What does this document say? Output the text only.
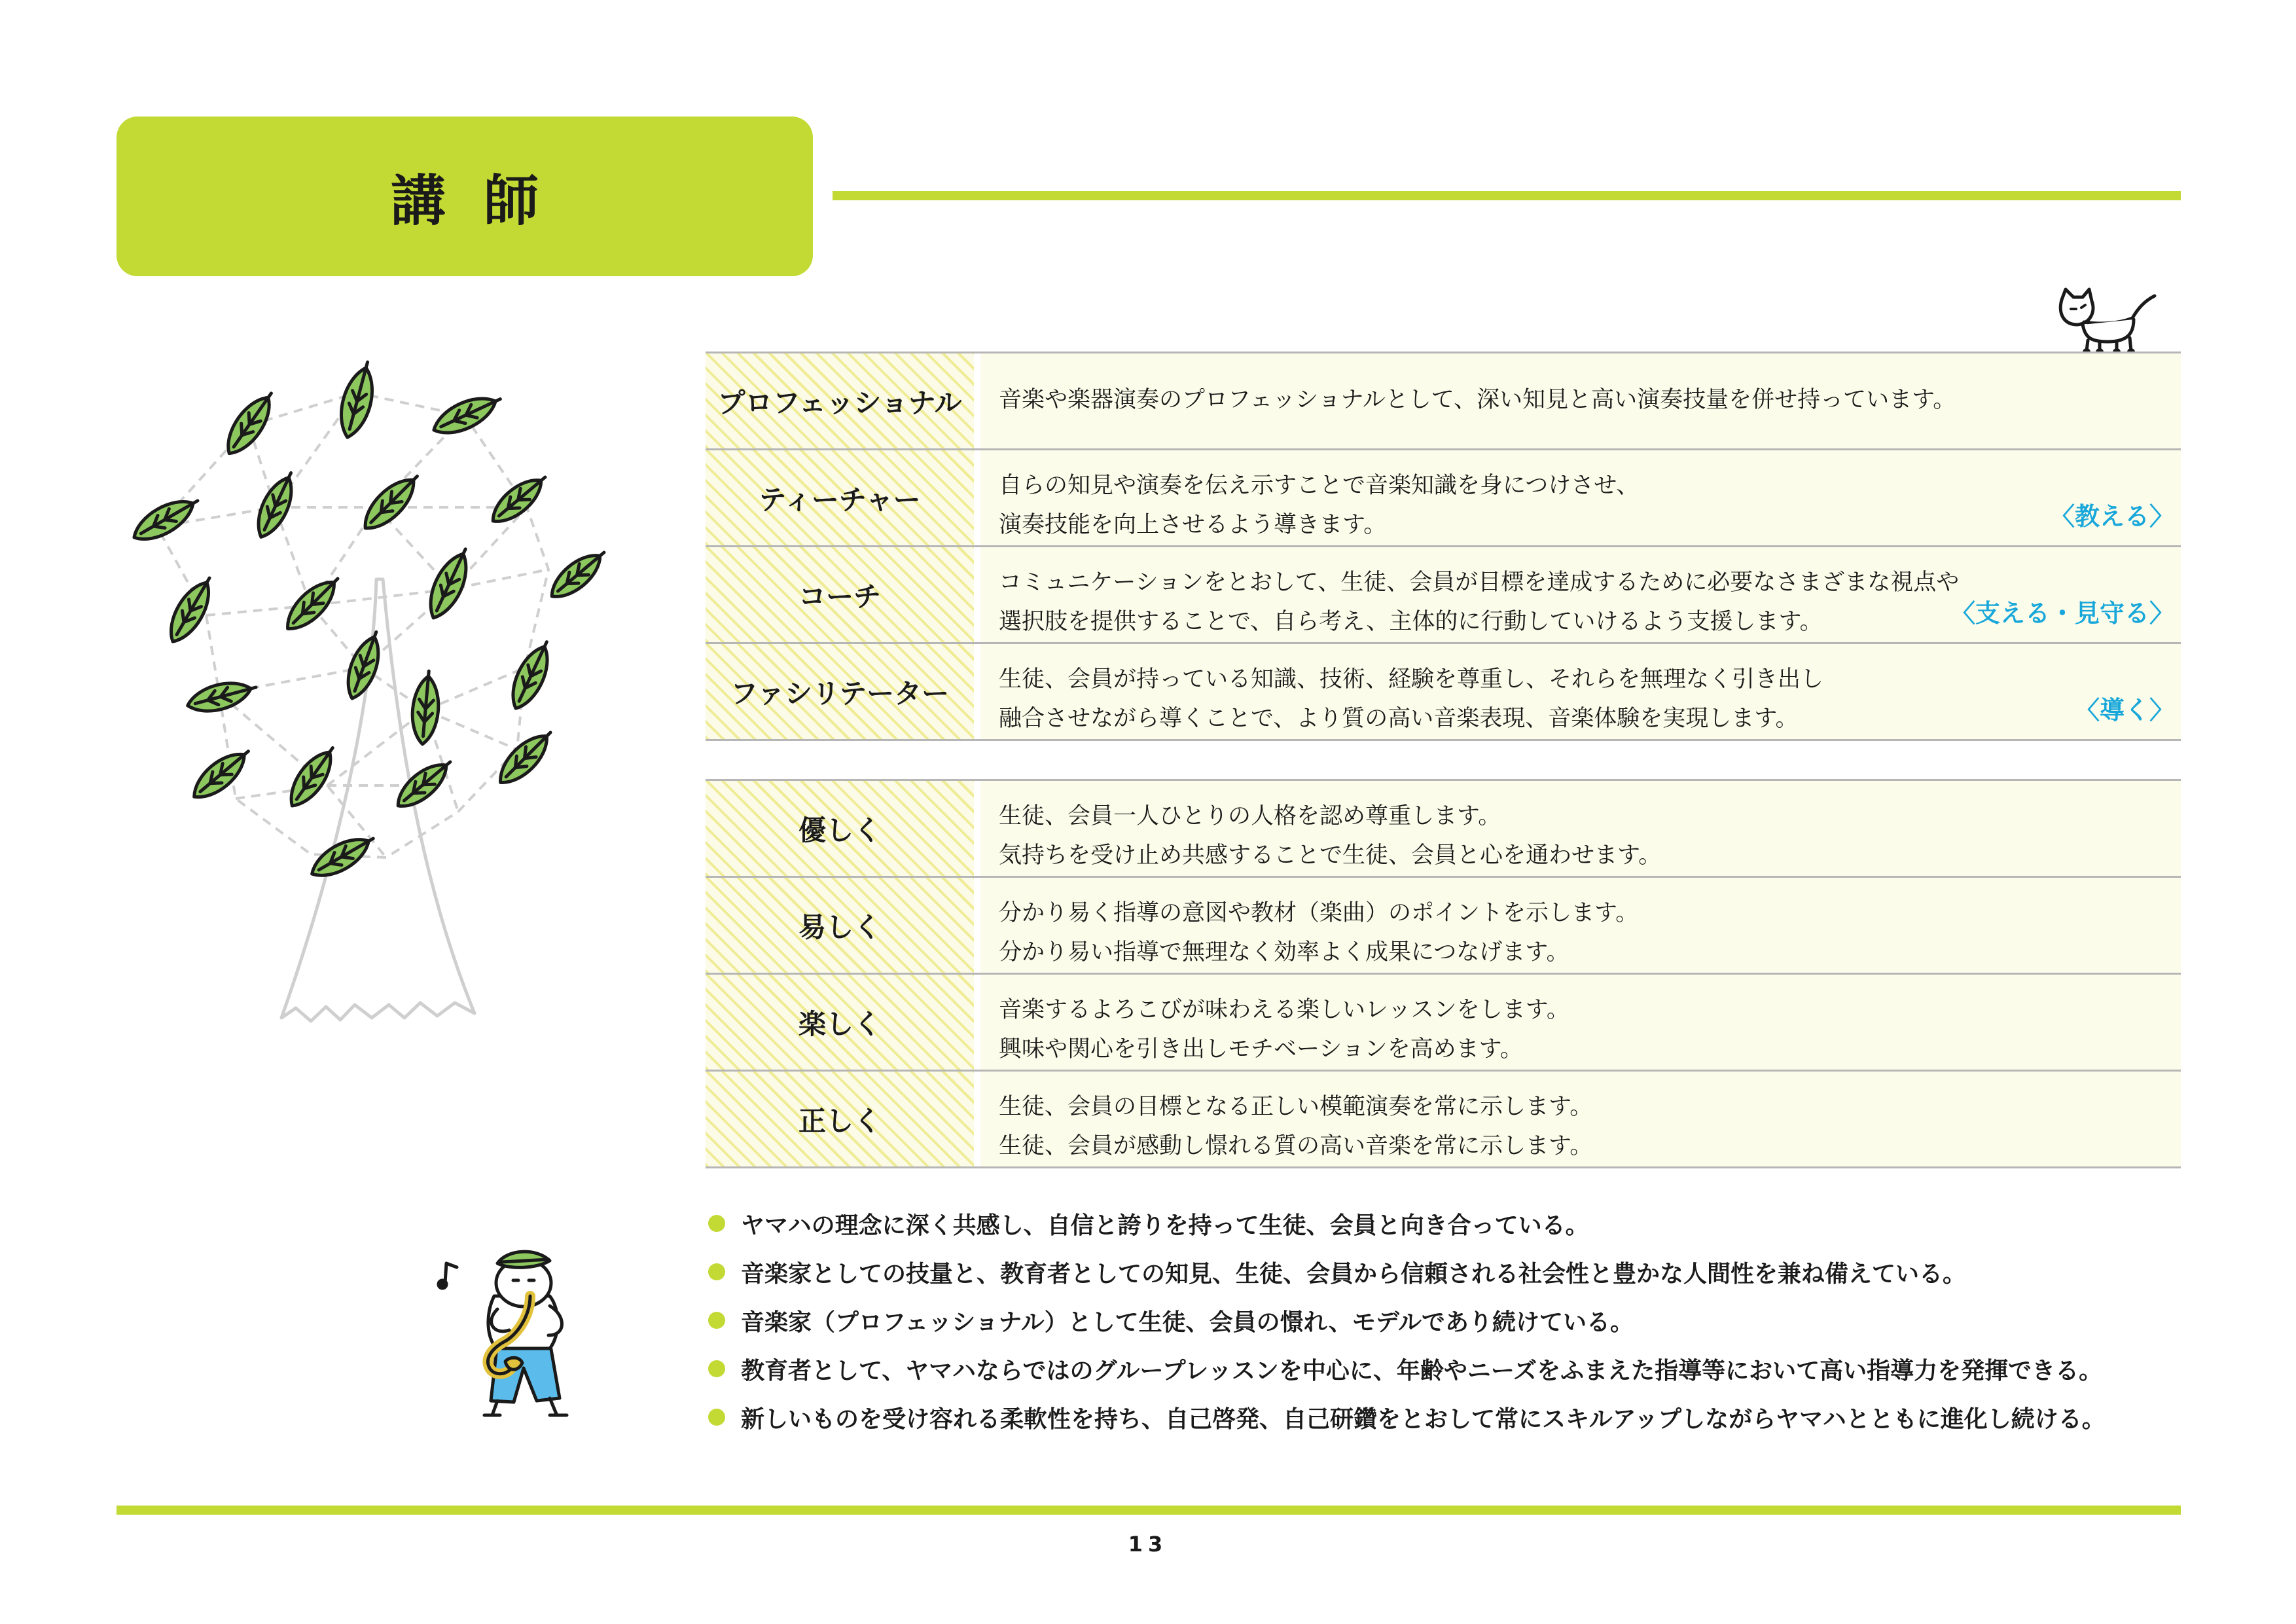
講師
プロフェッショナル	音楽や楽器演奏のプロフェッショナルとして、深い知見と高い演奏技量を併せ持っています。
ティーチャー	自らの知見や演奏を伝え示すことで音楽知識を身につけさせ、
演奏技能を向上させるよう導きます。	〈教える〉
コーチ	コミュニケーションをとおして、生徒、会員が目標を達成するために必要なさまざまな視点や
選択肢を提供することで、自ら考え、主体的に行動していけるよう支援します。	〈支える・見守る〉
ファシリテーター	生徒、会員が持っている知識、技術、経験を尊重し、それらを無理なく引き出し
融合させながら導くことで、より質の高い音楽表現、音楽体験を実現します。	〈導く〉
優しく	生徒、会員一人ひとりの人格を認め尊重します。
気持ちを受け止め共感することで生徒、会員と心を通わせます。
易しく	分かり易く指導の意図や教材（楽曲）のポイントを示します。
分かり易い指導で無理なく効率よく成果につなげます。
楽しく	音楽するよろこびが味わえる楽しいレッスンをします。
興味や関心を引き出しモチベーションを高めます。
正しく	生徒、会員の目標となる正しい模範演奏を常に示します。
生徒、会員が感動し憬れる質の高い音楽を常に示します。
ヤマハの理念に深く共感し、自信と誇りを持って生徒、会員と向き合っている。
音楽家としての技量と、教育者としての知見、生徒、会員から信頼される社会性と豊かな人間性を兼ね備えている。
音楽家（プロフェッショナル）として生徒、会員の憬れ、モデルであり続けている。
教育者として、ヤマハならではのグループレッスンを中心に、年齢やニーズをふまえた指導等において高い指導力を発揮できる。
新しいものを受け容れる柔軟性を持ち、自己啓発、自己研鑽をとおして常にスキルアップしながらヤマハとともに進化し続ける。
13
